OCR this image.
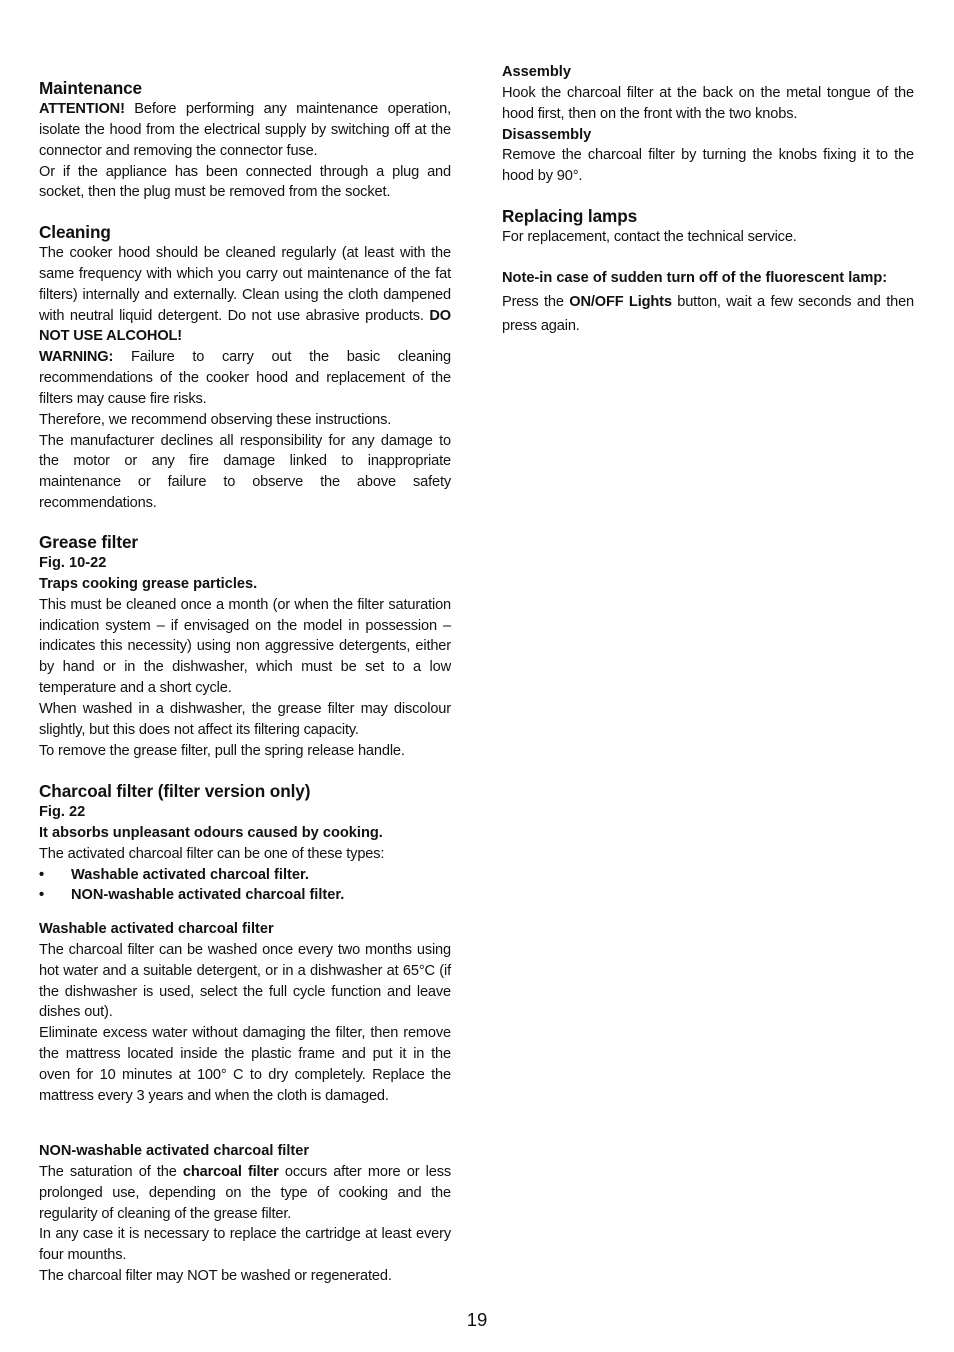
Maintenance

ATTENTION! Before performing any maintenance operation, isolate the hood from the electrical supply by switching off at the connector and removing the connector fuse.

Or if the appliance has been connected through a plug and socket, then the plug must be removed from the socket.

Cleaning

The cooker hood should be cleaned regularly (at least with the same frequency with which you carry out maintenance of the fat filters) internally and externally. Clean using the cloth dampened with neutral liquid detergent. Do not use abrasive products. DO NOT USE ALCOHOL!

WARNING: Failure to carry out the basic cleaning recommendations of the cooker hood and replacement of the filters may cause fire risks.

Therefore, we recommend observing these instructions.

The manufacturer declines all responsibility for any damage to the motor or any fire damage linked to inappropriate maintenance or failure to observe the above safety recommendations.

Grease filter
Fig. 10-22
Traps cooking grease particles.

This must be cleaned once a month (or when the filter saturation indication system – if envisaged on the model in possession – indicates this necessity) using non aggressive detergents, either by hand or in the dishwasher, which must be set to a low temperature and a short cycle.

When washed in a dishwasher, the grease filter may discolour slightly, but this does not affect its filtering capacity.

To remove the grease filter, pull the spring release handle.

Charcoal filter (filter version only)
Fig. 22
It absorbs unpleasant odours caused by cooking.

The activated charcoal filter can be one of these types:

• Washable activated charcoal filter.
• NON-washable activated charcoal filter.
Washable activated charcoal filter

The charcoal filter can be washed once every two months using hot water and a suitable detergent, or in a dishwasher at 65°C (if the dishwasher is used, select the full cycle function and leave dishes out).

Eliminate excess water without damaging the filter, then remove the mattress located inside the plastic frame and put it in the oven for 10 minutes at 100° C to dry completely. Replace the mattress every 3 years and when the cloth is damaged.

NON-washable activated charcoal filter

The saturation of the charcoal filter occurs after more or less prolonged use, depending on the type of cooking and the regularity of cleaning of the grease filter.

In any case it is necessary to replace the cartridge at least every four mounths.

The charcoal filter may NOT be washed or regenerated.

Assembly

Hook the charcoal filter at the back on the metal tongue of the hood first, then on the front with the two knobs.

Disassembly

Remove the charcoal filter by turning the knobs fixing it to the hood by 90°.

Replacing lamps

For replacement, contact the technical service.

Note-in case of sudden turn off of the fluorescent lamp:

Press the ON/OFF Lights button, wait a few seconds and then press again.

19
